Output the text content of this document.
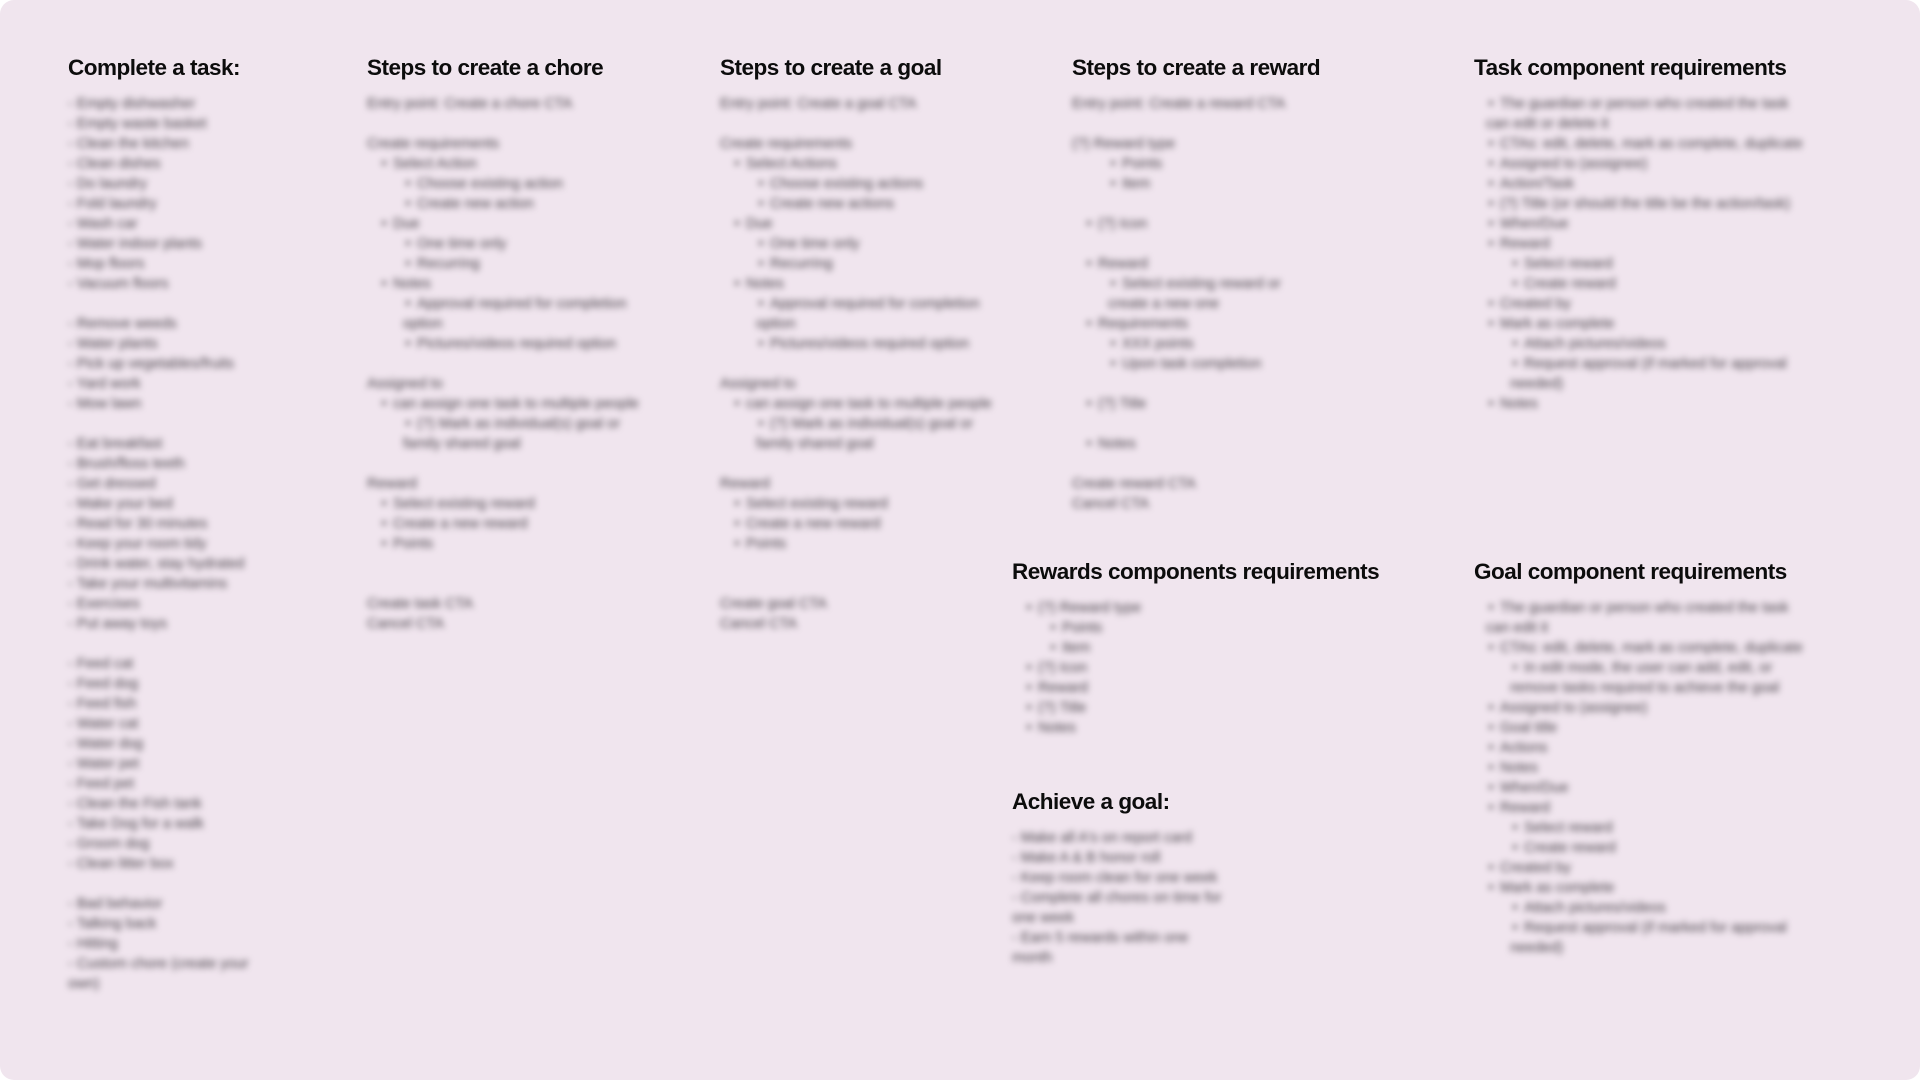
Complete a task:
- Empty dishwasher
- Empty waste basket
- Clean the kitchen
- Clean dishes
- Do laundry
- Fold laundry
- Wash car
- Water indoor plants
- Mop floors
- Vacuum floors
- Remove weeds
- Water plants
- Pick up vegetables/fruits
- Yard work
- Mow lawn
- Eat breakfast
- Brush/floss teeth
- Get dressed
- Make your bed
- Read for 30 minutes
- Keep your room tidy
- Drink water, stay hydrated
- Take your multivitamins
- Exercises
- Put away toys
- Feed cat
- Feed dog
- Feed fish
- Water cat
- Water dog
- Water pet
- Feed pet
- Clean the Fish tank
- Take Dog for a walk
- Groom dog
- Clean litter box
- Bad behavior
- Talking back
- Hitting
- Custom chore (create your own)
Steps to create a chore
Entry point: Create a chore CTA
Create requirements
• Select Action
• Choose existing action
• Create new action
• Due
• One time only
• Recurring
• Notes
• Approval required for completion option
• Pictures/videos required option
Assigned to
• can assign one task to multiple people
• (?) Mark as individual(s) goal or family shared goal
Reward
• Select existing reward
• Create a new reward
• Points
Create task CTA
Cancel CTA
Steps to create a goal
Entry point: Create a goal CTA
Create requirements
• Select Actions
• Choose existing actions
• Create new actions
• Due
• One time only
• Recurring
• Notes
• Approval required for completion option
• Pictures/videos required option
Assigned to
• can assign one task to multiple people
• (?) Mark as individual(s) goal or family shared goal
Reward
• Select existing reward
• Create a new reward
• Points
Create goal CTA
Cancel CTA
Steps to create a reward
Entry point: Create a reward CTA
(?) Reward type
• Points
• Item
• (?) Icon
• Reward
• Select existing reward or create a new one
• Requirements
• XXX points
• Upon task completion
• (?) Title
• Notes
Create reward CTA
Cancel CTA
Task component requirements
• The guardian or person who created the task can edit or delete it
• CTAs: edit, delete, mark as complete, duplicate
• Assigned to (assignee)
• Action/Task
• (?) Title (or should the title be the action/task)
• When/Due
• Reward
• Select reward
• Create reward
• Created by
• Mark as complete
• Attach pictures/videos
• Request approval (if marked for approval needed)
• Notes
Rewards components requirements
• (?) Reward type
• Points
• Item
• (?) Icon
• Reward
• (?) Title
• Notes
Goal component requirements
• The guardian or person who created the task can edit it
• CTAs: edit, delete, mark as complete, duplicate
• In edit mode, the user can add, edit, or remove tasks required to achieve the goal
• Assigned to (assignee)
• Goal title
• Actions
• Notes
• When/Due
• Reward
• Select reward
• Create reward
• Created by
• Mark as complete
• Attach pictures/videos
• Request approval (if marked for approval needed)
Achieve a goal:
- Make all A's on report card
- Make A & B honor roll
- Keep room clean for one week
- Complete all chores on time for one week
- Earn 5 rewards within one month
